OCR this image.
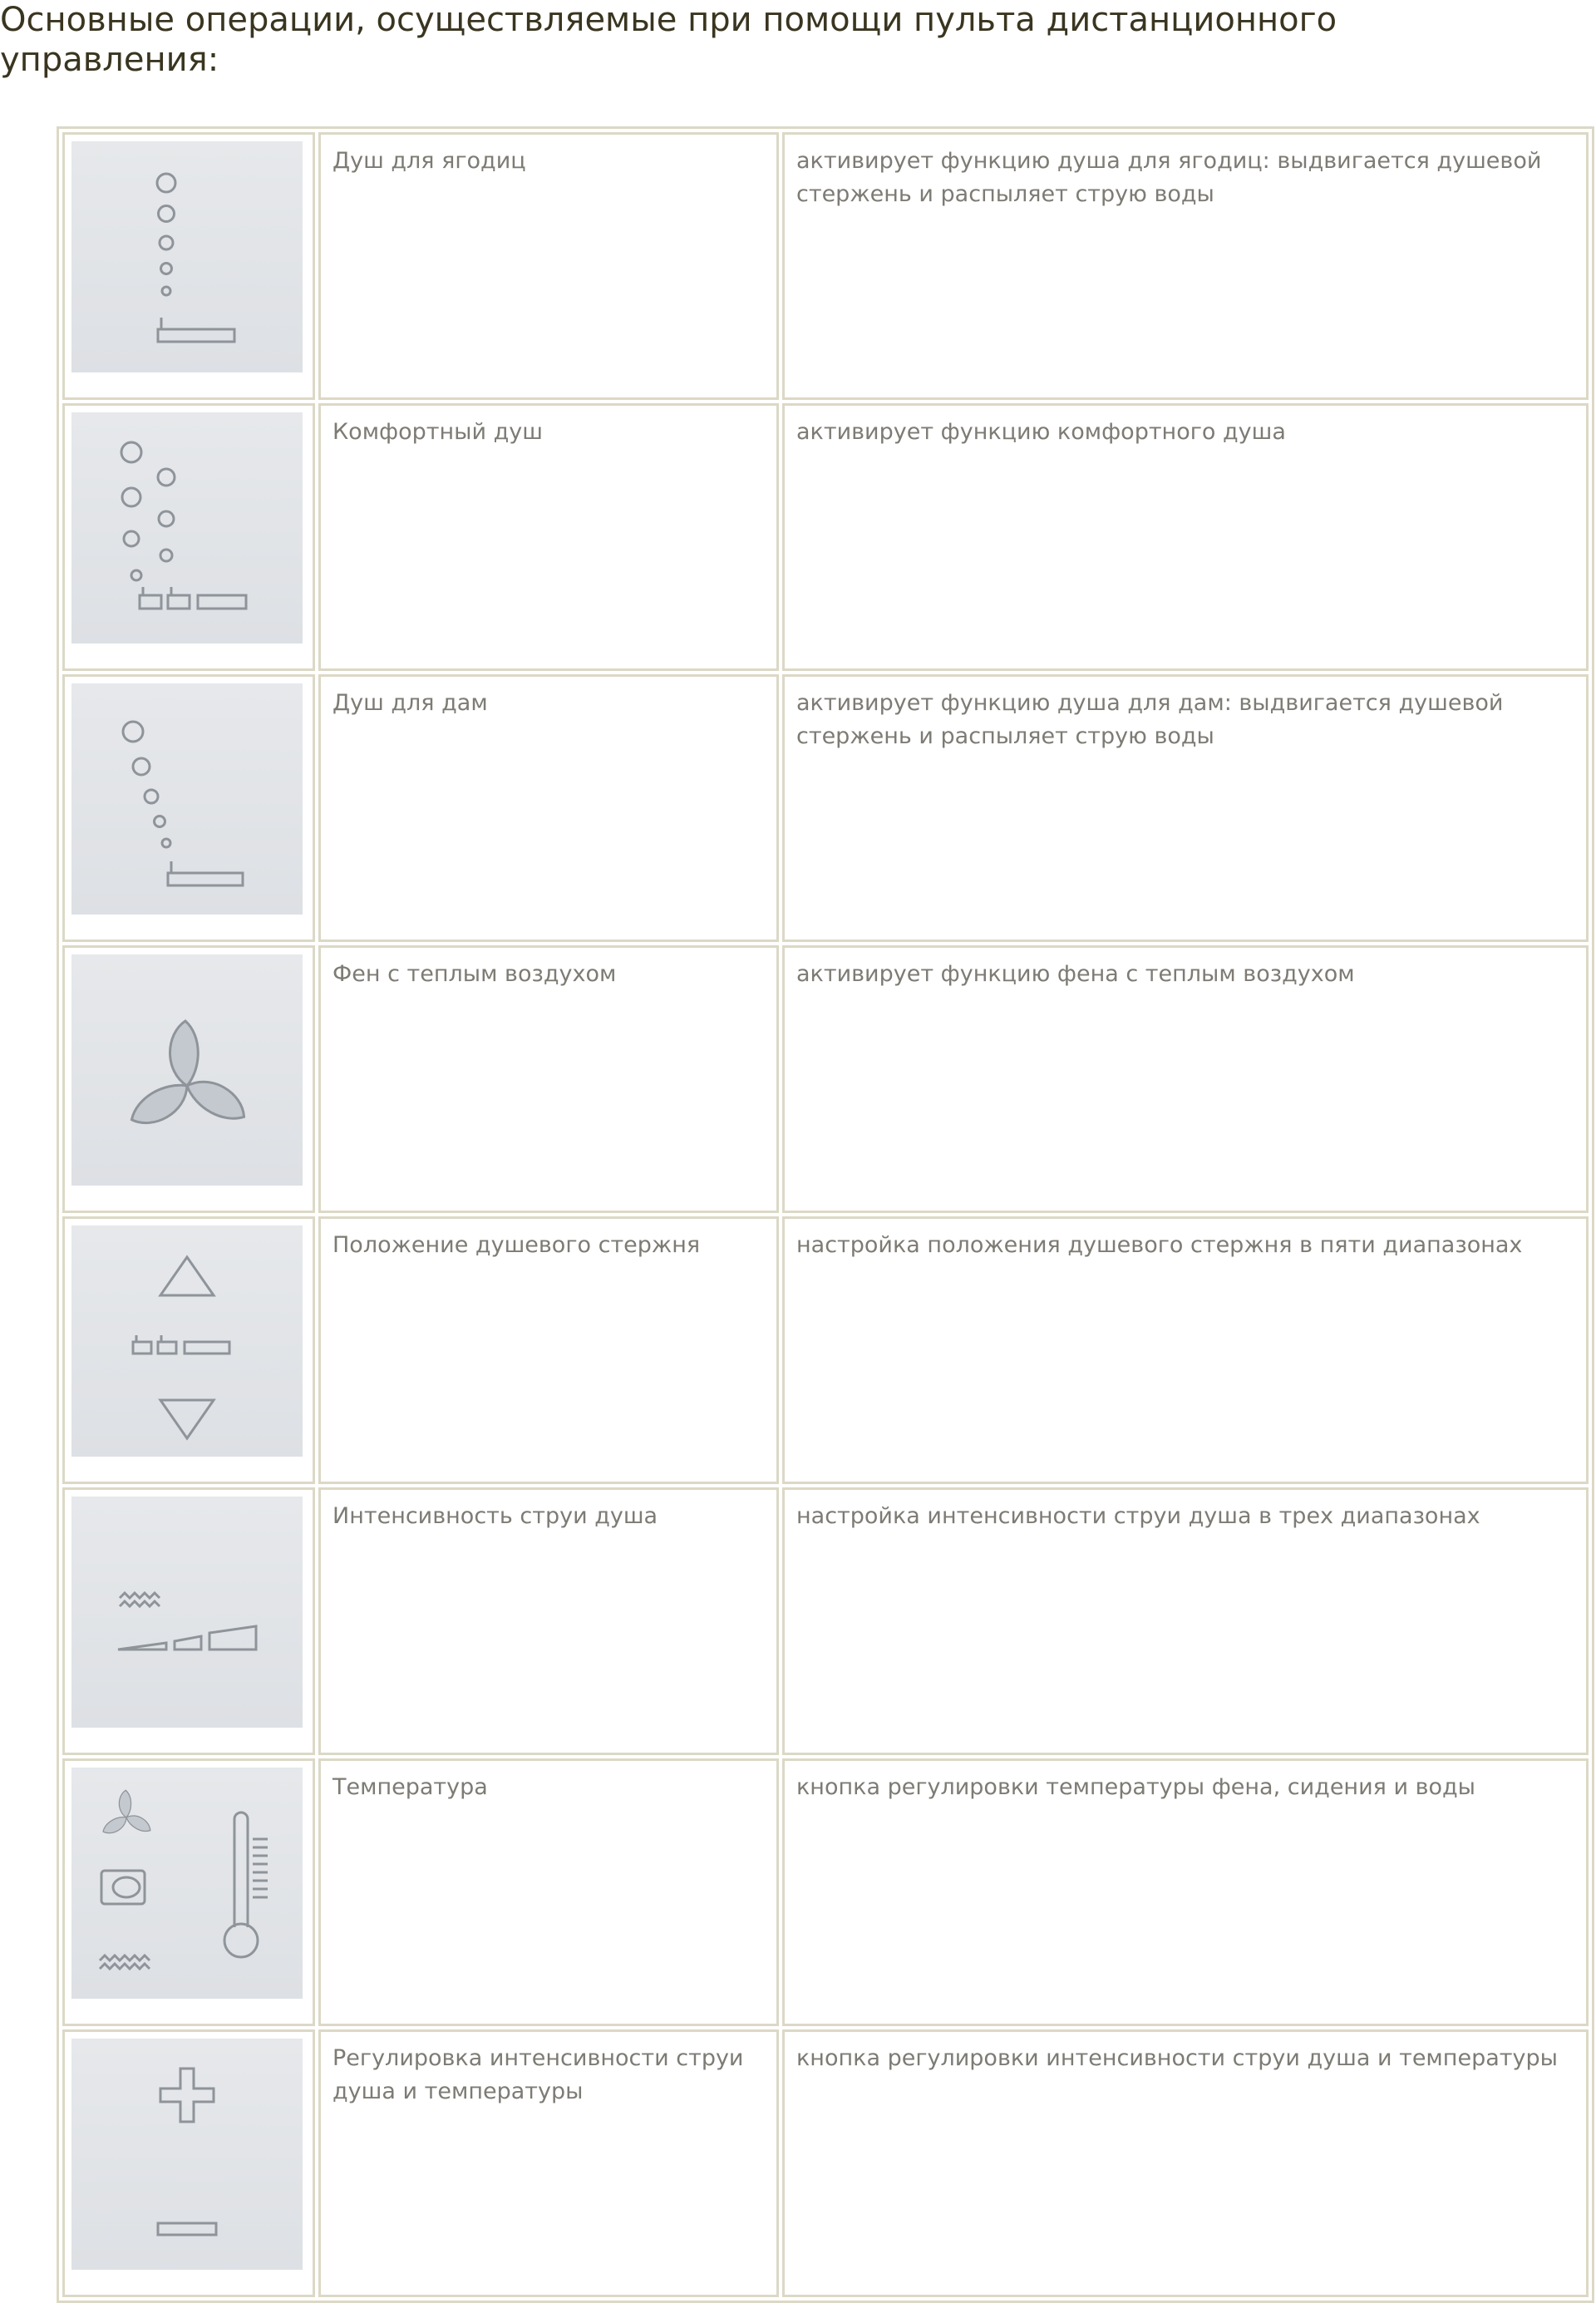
Основные операции, осуществляемые при помощи пульта дистанционного управления:

Душ для ягодиц	активирует функцию душа для ягодиц: выдвигается душевой стержень и распыляет струю воды

Комфортный душ	активирует функцию комфортного душа

Душ для дам	активирует функцию душа для дам: выдвигается душевой стержень и распыляет струю воды

Фен с теплым воздухом	активирует функцию фена с теплым воздухом

Положение душевого стержня	настройка положения душевого стержня в пяти диапазонах

Интенсивность струи душа	настройка интенсивности струи душа в трех диапазонах

Температура	кнопка регулировки температуры фена, сидения и воды

Регулировка интенсивности струи душа и температуры	кнопка регулировки интенсивности струи душа и температуры
